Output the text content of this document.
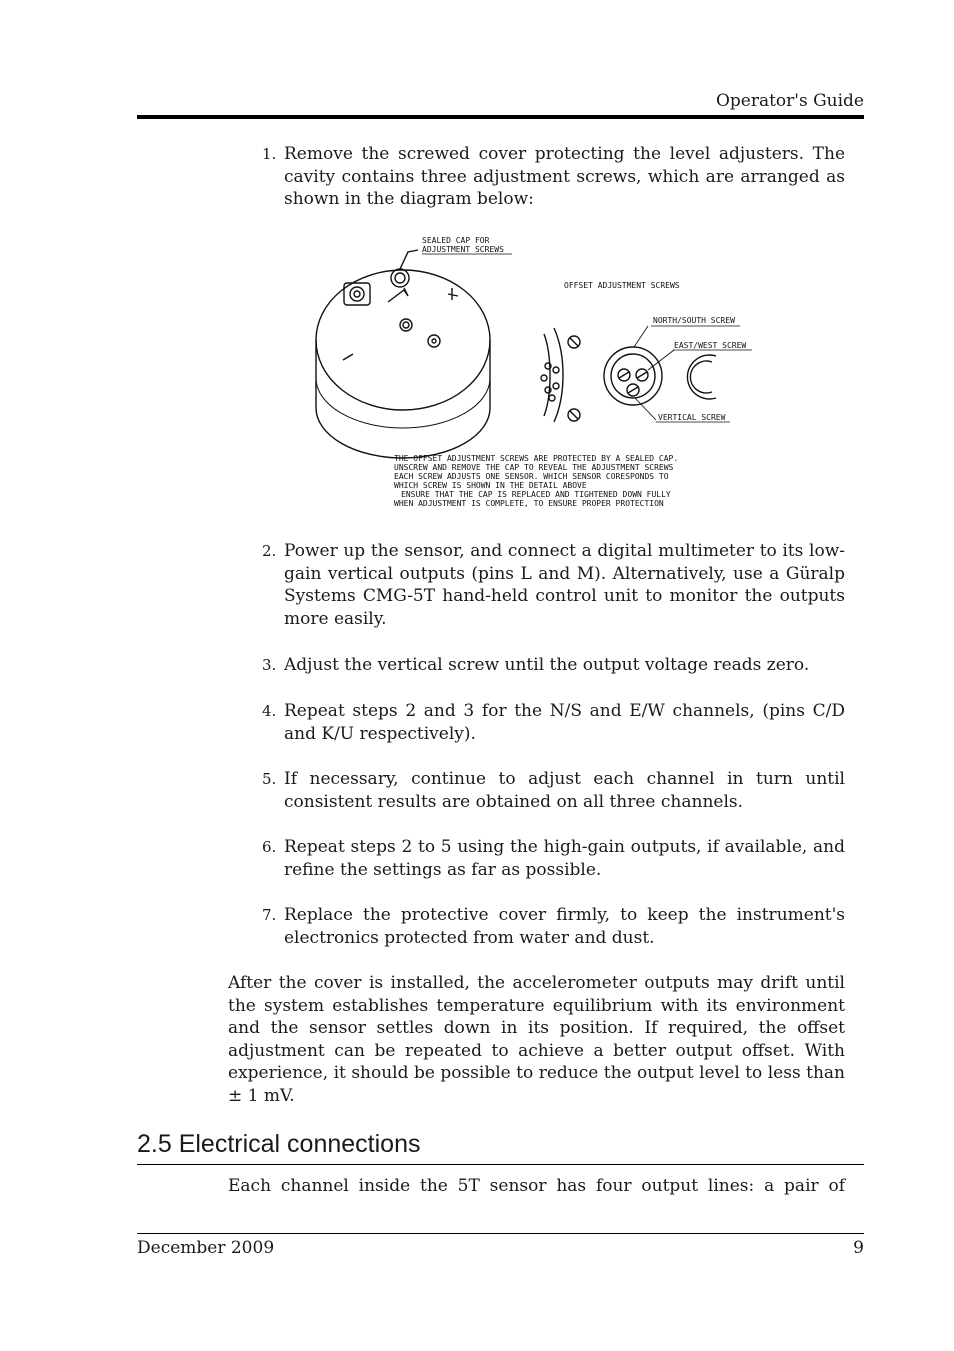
Operator's Guide
1. Remove the screwed cover protecting the level adjusters. The cavity contains three adjustment screws, which are arranged as shown in the diagram below:
SEALED CAP FOR
ADJUSTMENT SCREWS
OFFSET ADJUSTMENT SCREWS
NORTH/SOUTH SCREW
EAST/WEST SCREW
VERTICAL SCREW
THE OFFSET ADJUSTMENT SCREWS ARE PROTECTED BY A SEALED CAP.
UNSCREW AND REMOVE THE CAP TO REVEAL THE ADJUSTMENT SCREWS
EACH SCREW ADJUSTS ONE SENSOR. WHICH SENSOR CORESPONDS TO
WHICH SCREW IS SHOWN IN THE DETAIL ABOVE
ENSURE THAT THE CAP IS REPLACED AND TIGHTENED DOWN FULLY
WHEN ADJUSTMENT IS COMPLETE, TO ENSURE PROPER PROTECTION
2. Power up the sensor, and connect a digital multimeter to its low-gain vertical outputs (pins L and M). Alternatively, use a Güralp Systems CMG-5T hand-held control unit to monitor the outputs more easily.
3. Adjust the vertical screw until the output voltage reads zero.
4. Repeat steps 2 and 3 for the N/S and E/W channels, (pins C/D and K/U respectively).
5. If necessary, continue to adjust each channel in turn until consistent results are obtained on all three channels.
6. Repeat steps 2 to 5 using the high-gain outputs, if available, and refine the settings as far as possible.
7. Replace the protective cover firmly, to keep the instrument's electronics protected from water and dust.
After the cover is installed, the accelerometer outputs may drift until the system establishes temperature equilibrium with its environment and the sensor settles down in its position. If required, the offset adjustment can be repeated to achieve a better output offset. With experience, it should be possible to reduce the output level to less than ± 1 mV.
2.5 Electrical connections
Each channel inside the 5T sensor has four output lines: a pair of
December 2009	9
